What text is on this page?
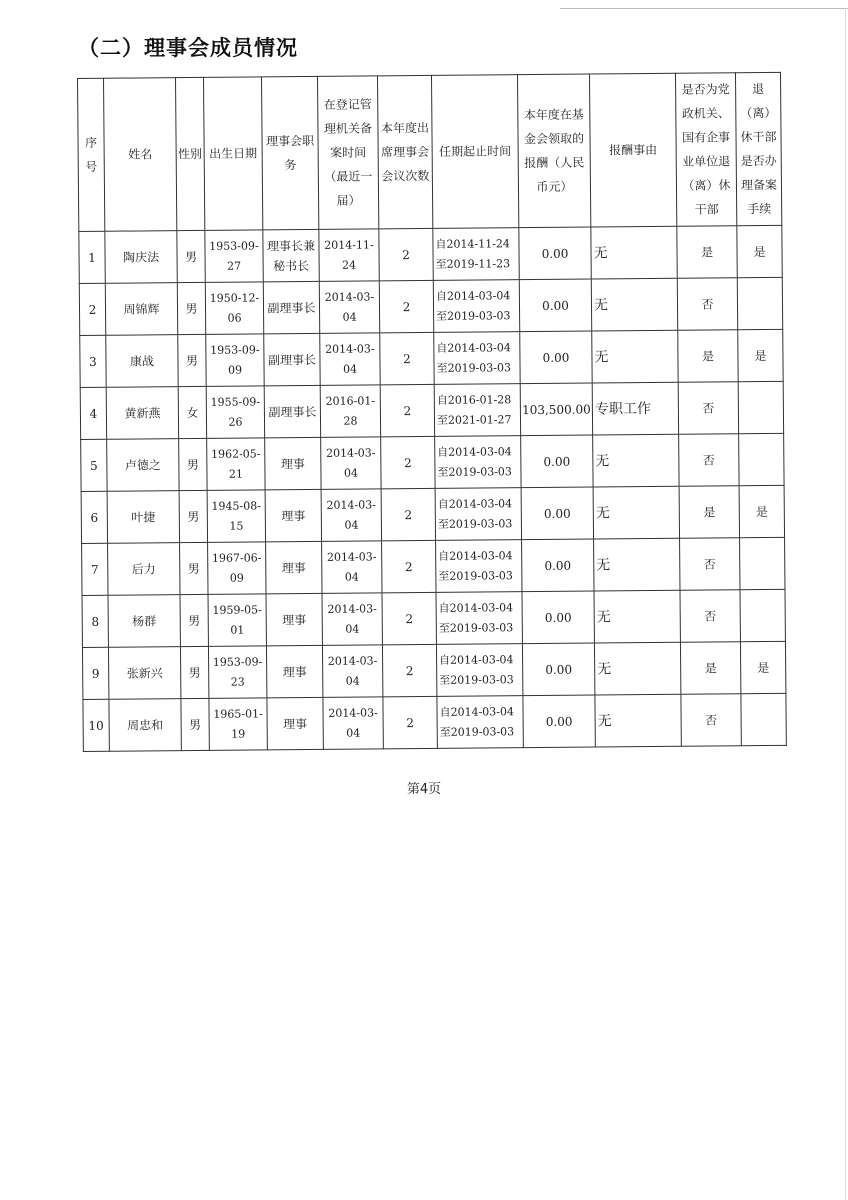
（二）理事会成员情况
序号	姓名	性别	出生日期	理事会职务	在登记管理机关备案时间（最近一届）	本年度出席理事会会议次数	任期起止时间	本年度在基金会领取的报酬（人民币元）	报酬事由	是否为党政机关、国有企事业单位退（离）休干部	退（离）休干部是否办理备案手续
1	陶庆法	男	1953-09-27	理事长兼秘书长	2014-11-24	2	自2014-11-24
至2019-11-23	0.00	无	是	是
2	周锦辉	男	1950-12-06	副理事长	2014-03-04	2	自2014-03-04
至2019-03-03	0.00	无	否	
3	康战	男	1953-09-09	副理事长	2014-03-04	2	自2014-03-04
至2019-03-03	0.00	无	是	是
4	黄新燕	女	1955-09-26	副理事长	2016-01-28	2	自2016-01-28
至2021-01-27	103,500.00	专职工作	否	
5	卢德之	男	1962-05-21	理事	2014-03-04	2	自2014-03-04
至2019-03-03	0.00	无	否	
6	叶捷	男	1945-08-15	理事	2014-03-04	2	自2014-03-04
至2019-03-03	0.00	无	是	是
7	后力	男	1967-06-09	理事	2014-03-04	2	自2014-03-04
至2019-03-03	0.00	无	否	
8	杨群	男	1959-05-01	理事	2014-03-04	2	自2014-03-04
至2019-03-03	0.00	无	否	
9	张新兴	男	1953-09-23	理事	2014-03-04	2	自2014-03-04
至2019-03-03	0.00	无	是	是
10	周忠和	男	1965-01-19	理事	2014-03-04	2	自2014-03-04
至2019-03-03	0.00	无	否	
第4页
